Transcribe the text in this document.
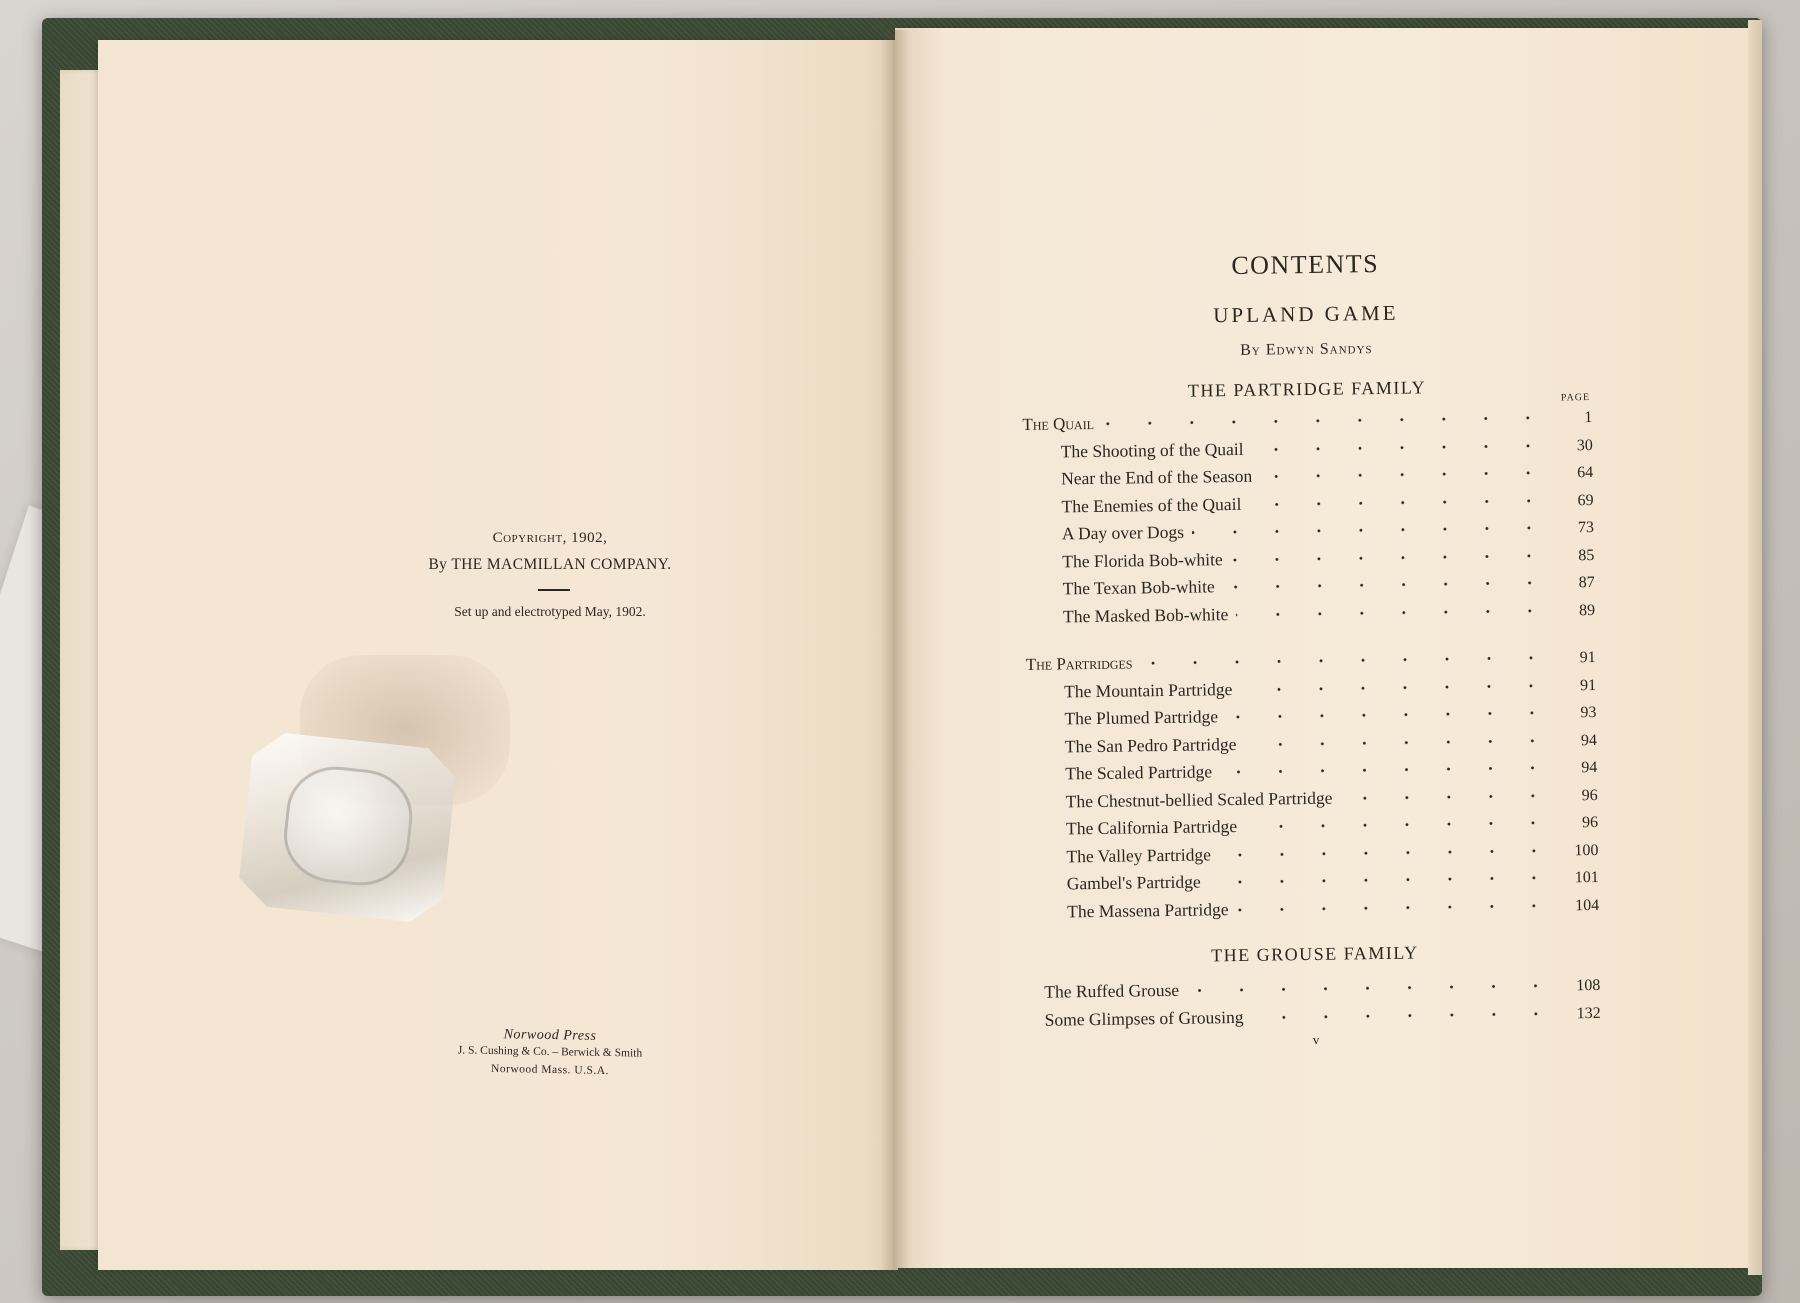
Copyright, 1902,
By THE MACMILLAN COMPANY.
Set up and electrotyped May, 1902.
Norwood Press
J. S. Cushing & Co. – Berwick & Smith
Norwood Mass. U.S.A.
CONTENTS
UPLAND GAME
By Edwyn Sandys
THE PARTRIDGE FAMILY	PAGE
The Quail	1
The Shooting of the Quail	30
Near the End of the Season	64
The Enemies of the Quail	69
A Day over Dogs	73
The Florida Bob-white	85
The Texan Bob-white	87
The Masked Bob-white	89
The Partridges	91
The Mountain Partridge	91
The Plumed Partridge	93
The San Pedro Partridge	94
The Scaled Partridge	94
The Chestnut-bellied Scaled Partridge	96
The California Partridge	96
The Valley Partridge	100
Gambel's Partridge	101
The Massena Partridge	104
THE GROUSE FAMILY
The Ruffed Grouse	108
Some Glimpses of Grousing	132
v
